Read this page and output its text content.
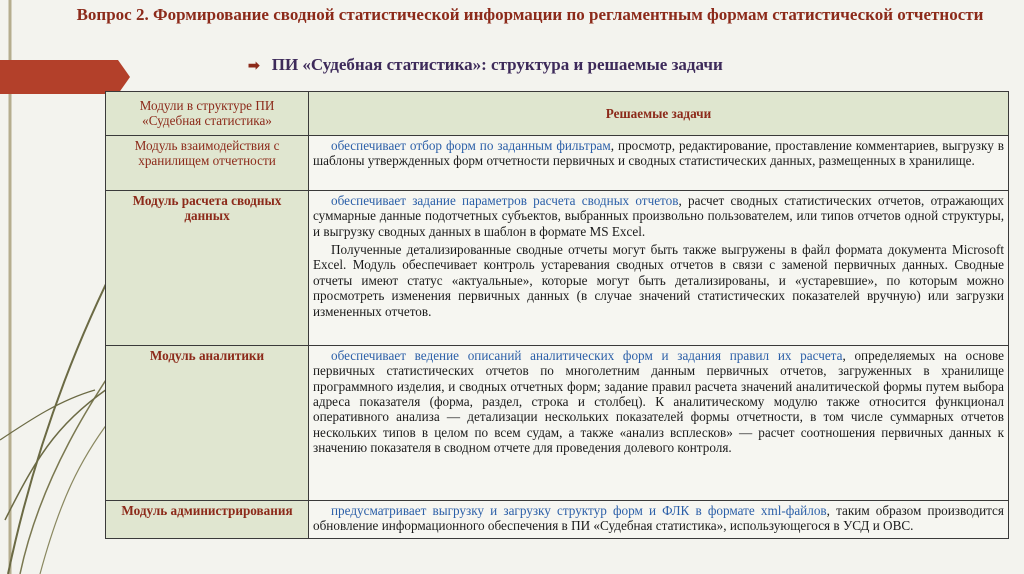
Вопрос 2. Формирование сводной статистической информации по регламентным формам статистической отчетности
➡ ПИ «Судебная статистика»: структура и решаемые задачи
Модули в структуре ПИ «Судебная статистика»	Решаемые задачи
Модуль взаимодействия с хранилищем отчетности	обеспечивает отбор форм по заданным фильтрам, просмотр, редактирование, проставление комментариев, выгрузку в шаблоны утвержденных форм отчетности первичных и сводных статистических данных, размещенных в хранилище.

Модуль расчета сводных данных	обеспечивает задание параметров расчета сводных отчетов, расчет сводных статистических отчетов, отражающих суммарные данные подотчетных субъектов, выбранных произвольно пользователем, или типов отчетов одной структуры, и выгрузку сводных данных в шаблон в формате MS Excel.

Полученные детализированные сводные отчеты могут быть также выгружены в файл формата документа Microsoft Excel. Модуль обеспечивает контроль устаревания сводных отчетов в связи с заменой первичных данных. Сводные отчеты имеют статус «актуальные», которые могут быть детализированы, и «устаревшие», по которым можно просмотреть изменения первичных данных (в случае значений статистических показателей вручную) или загрузки измененных отчетов.

Модуль аналитики	обеспечивает ведение описаний аналитических форм и задания правил их расчета, определяемых на основе первичных статистических отчетов по многолетним данным первичных отчетов, загруженных в хранилище программного изделия, и сводных отчетных форм; задание правил расчета значений аналитической формы путем выбора адреса показателя (форма, раздел, строка и столбец). К аналитическому модулю также относится функционал оперативного анализа — детализации нескольких показателей формы отчетности, в том числе суммарных отчетов нескольких типов в целом по всем судам, а также «анализ всплесков» — расчет соотношения первичных данных к значению показателя в сводном отчете для проведения долевого контроля.

Модуль администрирования	предусматривает выгрузку и загрузку структур форм и ФЛК в формате xml-файлов, таким образом производится обновление информационного обеспечения в ПИ «Судебная статистика», использующегося в УСД и ОВС.
